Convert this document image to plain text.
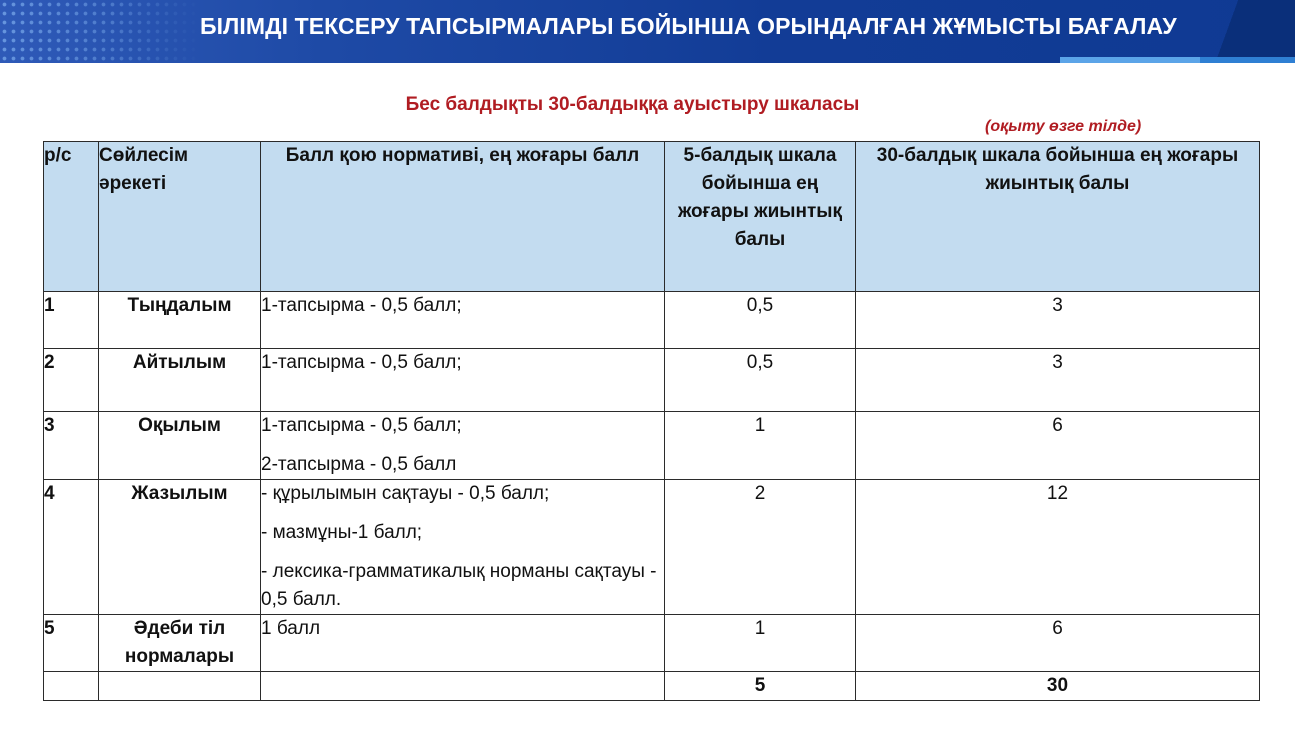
БІЛІМДІ ТЕКСЕРУ ТАПСЫРМАЛАРЫ БОЙЫНША ОРЫНДАЛҒАН ЖҰМЫСТЫ БАҒАЛАУ
Бес балдықты 30-балдыққа ауыстыру шкаласы
(оқыту өзге тілде)
р/с	Сөйлесім әрекеті	Балл қою нормативі, ең жоғары балл	5-балдық шкала бойынша ең жоғары жиынтық балы	30-балдық шкала бойынша ең жоғары жиынтық балы
1	Тыңдалым	1-тапсырма - 0,5 балл;	0,5	3
2	Айтылым	1-тапсырма - 0,5 балл;	0,5	3
3	Оқылым	1-тапсырма - 0,5 балл;
2-тапсырма - 0,5 балл	1	6
4	Жазылым	- құрылымын сақтауы - 0,5 балл;
- мазмұны-1 балл;
- лексика-грамматикалық норманы сақтауы - 0,5 балл.	2	12
5	Әдеби тіл нормалары	1 балл	1	6
			5	30
